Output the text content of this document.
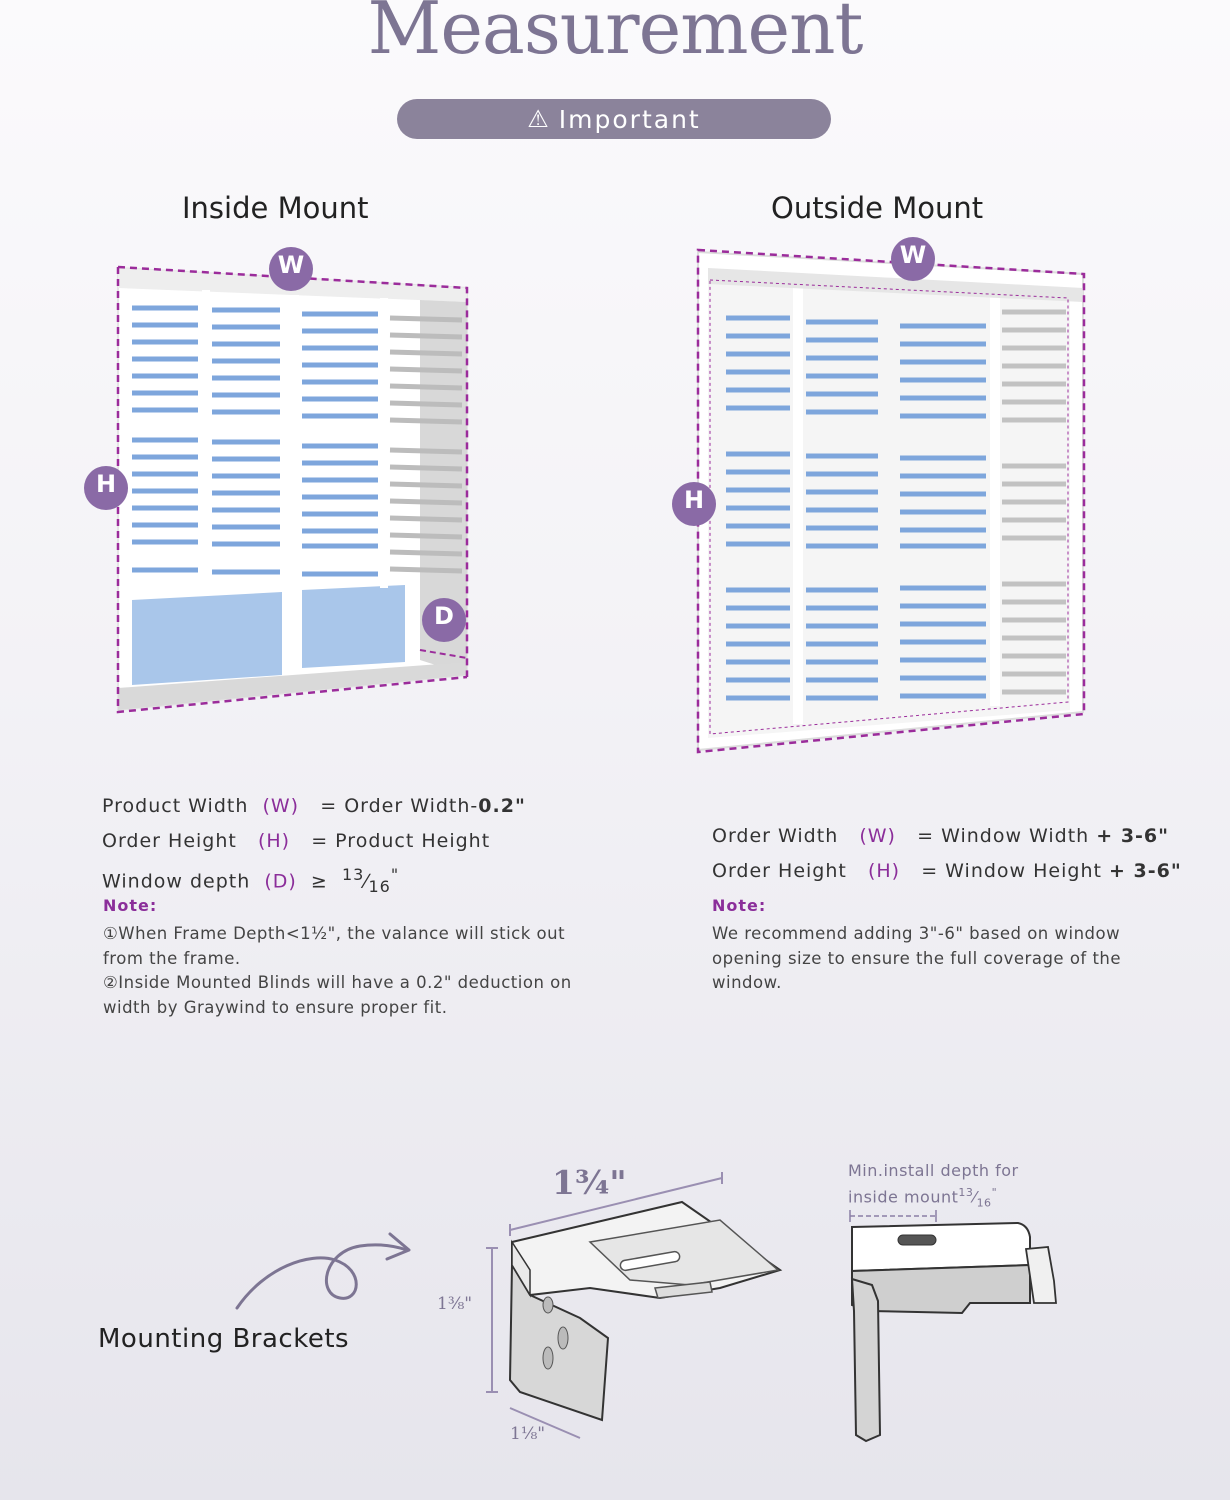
Measurement
⚠ Important
Inside Mount	Outside Mount
W
H
D
W
H
Product Width (W) = Order Width-0.2"
Order Height (H) = Product Height
Window depth $(D) \ge ^{13}⁄_{16}^"$
Note:
①When Frame Depth<1½", the valance will stick out from the frame.
②Inside Mounted Blinds will have a 0.2" deduction on width by Graywind to ensure proper fit.
Order Width (W) = Window Width + 3-6"
Order Height (H) = Window Height + 3-6"
Note:
We recommend adding 3"-6" based on window opening size to ensure the full coverage of the window.
Mounting Brackets
1¾"
1⅜"
1⅛"
Min.install depth for
inside $mount^{13}⁄_{16}^"$
